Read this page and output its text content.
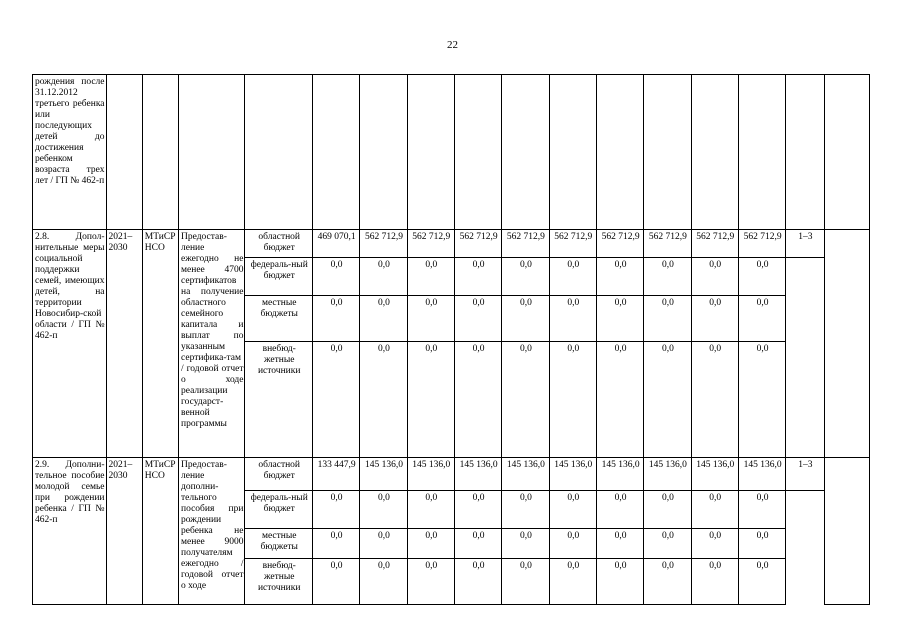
22
рождения после 31.12.2012 третьего ребенка или последующих детей до достижения ребенком возраста трех лет / ГП № 462-п																

2.8. Допол-нительные меры социальной поддержки семей, имеющих детей, на территории Новосибир-ской области / ГП № 462-п	2021–2030	МТиСР НСО	Предостав-ление ежегодно не менее 4700 сертификатов на получение областного семейного капитала и выплат по указанным сертифика-там / годовой отчет о ходе реализации государст-венной программы	областной бюджет	469 070,1	562 712,9	562 712,9	562 712,9	562 712,9	562 712,9	562 712,9	562 712,9	562 712,9	562 712,9	1–3	
				федераль-ный бюджет	0,0	0,0	0,0	0,0	0,0	0,0	0,0	0,0	0,0	0,0		
				местные бюджеты	0,0	0,0	0,0	0,0	0,0	0,0	0,0	0,0	0,0	0,0		
				внебюд-жетные источники	0,0	0,0	0,0	0,0	0,0	0,0	0,0	0,0	0,0	0,0		
2.9. Дополни-тельное пособие молодой семье при рождении ребенка / ГП № 462-п	2021–2030	МТиСР НСО	Предостав-ление дополни-тельного пособия при рождении ребенка не менее 9000 получателям ежегодно / годовой отчет о ходе	областной бюджет	133 447,9	145 136,0	145 136,0	145 136,0	145 136,0	145 136,0	145 136,0	145 136,0	145 136,0	145 136,0	1–3	
				федераль-ный бюджет	0,0	0,0	0,0	0,0	0,0	0,0	0,0	0,0	0,0	0,0		
				местные бюджеты	0,0	0,0	0,0	0,0	0,0	0,0	0,0	0,0	0,0	0,0		
				внебюд-жетные источники	0,0	0,0	0,0	0,0	0,0	0,0	0,0	0,0	0,0	0,0		
